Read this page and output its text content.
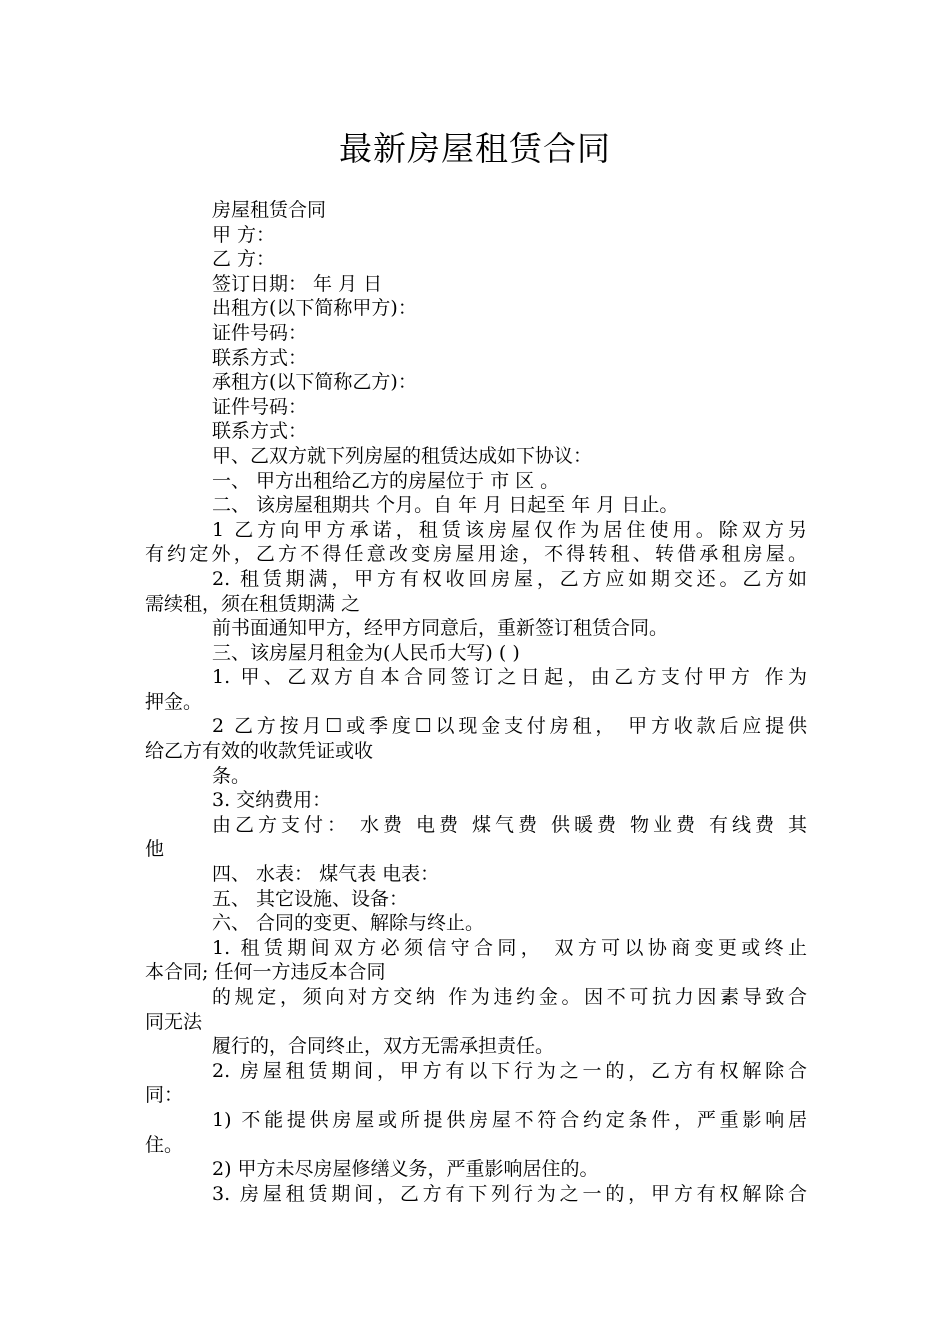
最新房屋租赁合同
房屋租赁合同
甲 方：
乙 方：
签订日期： 年 月 日
出租方(以下简称甲方)：
证件号码：
联系方式：
承租方(以下简称乙方)：
证件号码：
联系方式：
甲、乙双方就下列房屋的租赁达成如下协议：
一、 甲方出租给乙方的房屋位于 市 区 。
二、 该房屋租期共 个月。自 年 月 日起至 年 月 日止。
1 乙方向甲方承诺，租赁该房屋仅作为居住使用。除双方另
有约定外，乙方不得任意改变房屋用途，不得转租、转借承租房屋。
2. 租赁期满，甲方有权收回房屋，乙方应如期交还。乙方如
需续租，须在租赁期满 之
前书面通知甲方，经甲方同意后，重新签订租赁合同。
三、该房屋月租金为(人民币大写) ( )
1. 甲、乙双方自本合同签订之日起，由乙方支付甲方 作为
押金。
2 乙方按月☐或季度☐以现金支付房租， 甲方收款后应提供
给乙方有效的收款凭证或收
条。
3. 交纳费用：
由乙方支付： 水费 电费 煤气费 供暖费 物业费 有线费 其
他
四、 水表： 煤气表 电表：
五、 其它设施、设备：
六、 合同的变更、解除与终止。
1. 租赁期间双方必须信守合同， 双方可以协商变更或终止
本合同; 任何一方违反本合同
的规定，须向对方交纳 作为违约金。因不可抗力因素导致合
同无法
履行的，合同终止，双方无需承担责任。
2. 房屋租赁期间，甲方有以下行为之一的，乙方有权解除合
同：
1) 不能提供房屋或所提供房屋不符合约定条件，严重影响居
住。
2) 甲方未尽房屋修缮义务，严重影响居住的。
3. 房屋租赁期间，乙方有下列行为之一的，甲方有权解除合
